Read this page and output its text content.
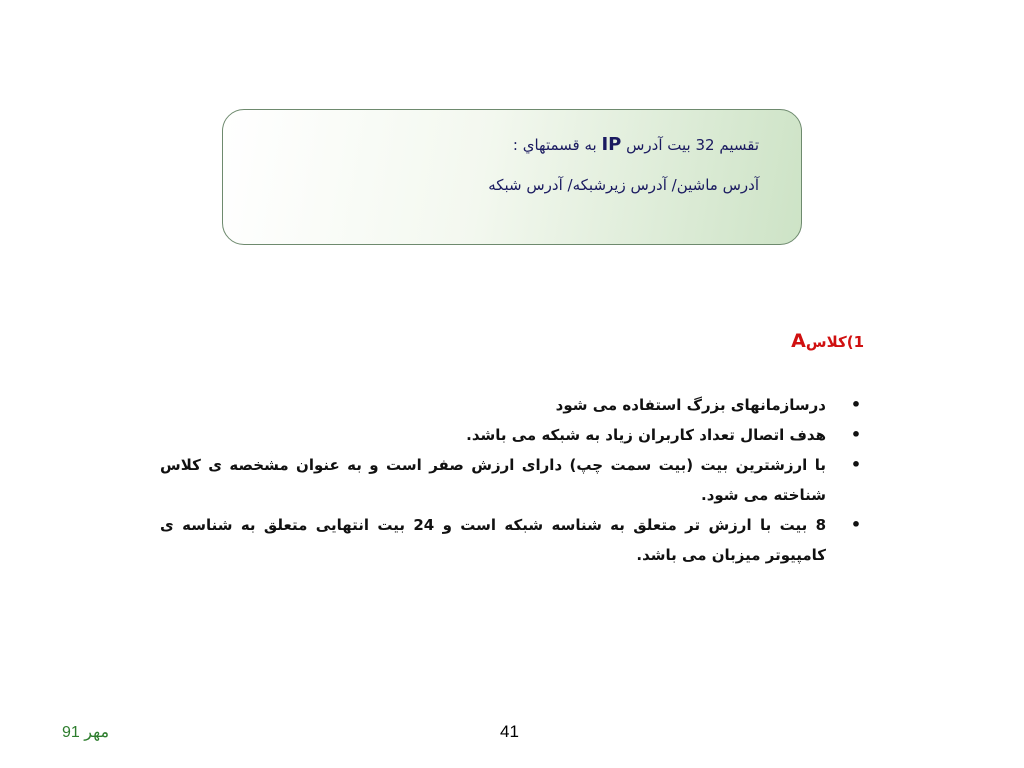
تقسیم 32 بیت آدرس IP به قسمتهاي :
آدرس ماشین/ آدرس زیرشبکه/ آدرس شبکه
1)کلاسA
•
درسازمانهای بزرگ استفاده می شود
•
هدف اتصال تعداد کاربران زیاد به شبکه می باشد.
•
با ارزشترین بیت (بیت سمت چپ) دارای ارزش صفر است و به عنوان مشخصه ی کلاس شناخته می شود.
•
8 بیت با ارزش تر متعلق به شناسه شبکه است و 24 بیت انتهایی متعلق به شناسه ی کامپیوتر میزبان می باشد.
مهر 91	41
